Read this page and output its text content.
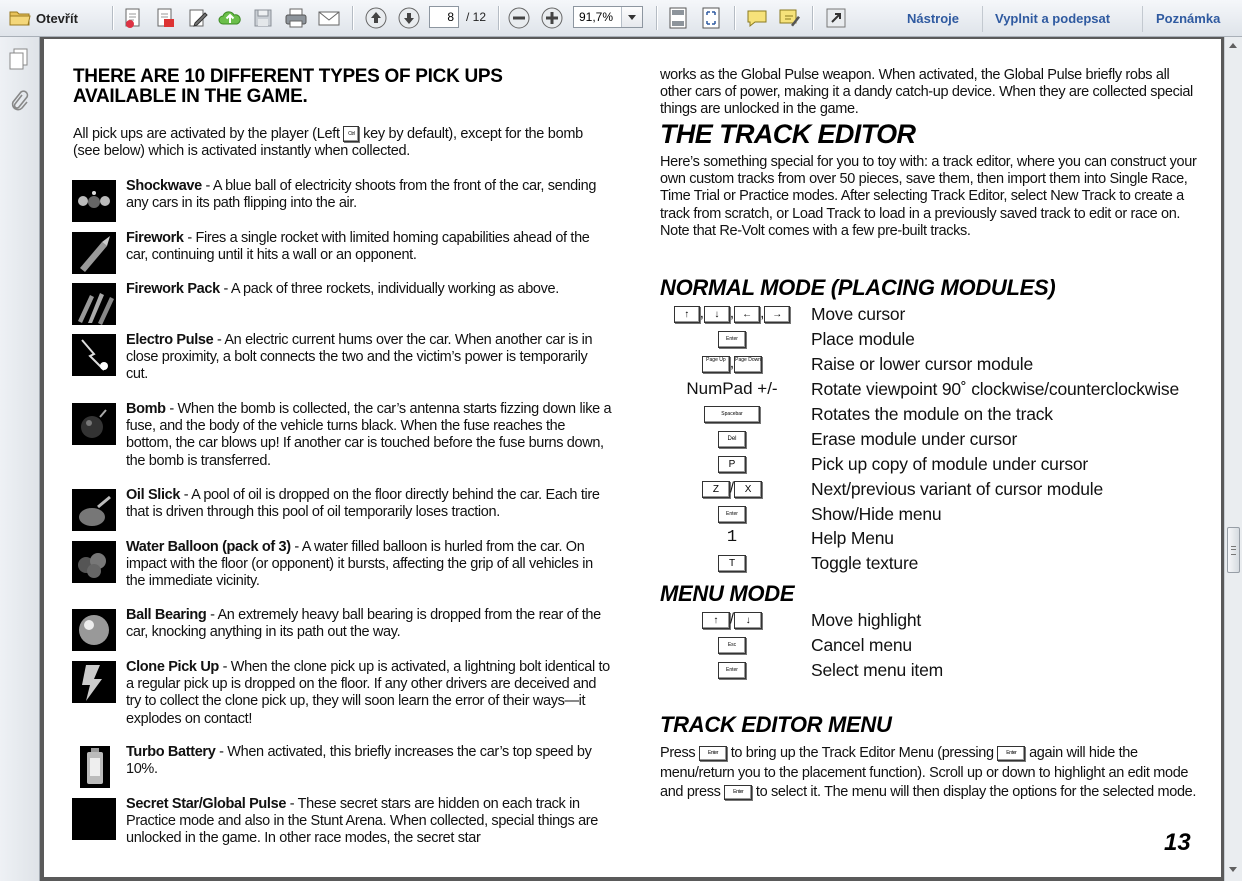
Otevřít	8	/ 12	91,7%	Nástroje	Vyplnit a podepsat	Poznámka
THERE ARE 10 DIFFERENT TYPES OF PICK UPS AVAILABLE IN THE GAME.
All pick ups are activated by the player (Left Ctrl key by default), except for the bomb (see below) which is activated instantly when collected.
Shockwave - A blue ball of electricity shoots from the front of the car, sending any cars in its path flipping into the air.
Firework - Fires a single rocket with limited homing capabilities ahead of the car, continuing until it hits a wall or an opponent.
Firework Pack - A pack of three rockets, individually working as above.
Electro Pulse - An electric current hums over the car. When another car is in close proximity, a bolt connects the two and the victim’s power is temporarily cut.
Bomb - When the bomb is collected, the car’s antenna starts fizzing down like a fuse, and the body of the vehicle turns black. When the fuse reaches the bottom, the car blows up! If another car is touched before the fuse burns down, the bomb is transferred.
Oil Slick - A pool of oil is dropped on the floor directly behind the car. Each tire that is driven through this pool of oil temporarily loses traction.
Water Balloon (pack of 3) - A water filled balloon is hurled from the car. On impact with the floor (or opponent) it bursts, affecting the grip of all vehicles in the immediate vicinity.
Ball Bearing - An extremely heavy ball bearing is dropped from the rear of the car, knocking anything in its path out the way.
Clone Pick Up - When the clone pick up is activated, a lightning bolt identical to a regular pick up is dropped on the floor. If any other drivers are deceived and try to collect the clone pick up, they will soon learn the error of their ways—it explodes on contact!
Turbo Battery - When activated, this briefly increases the car’s top speed by 10%.
Secret Star/Global Pulse - These secret stars are hidden on each track in Practice mode and also in the Stunt Arena. When collected, special things are unlocked in the game. In other race modes, the secret star
works as the Global Pulse weapon. When activated, the Global Pulse briefly robs all other cars of power, making it a dandy catch-up device. When they are collected special things are unlocked in the game.
THE TRACK EDITOR
Here’s something special for you to toy with: a track editor, where you can construct your own custom tracks from over 50 pieces, save them, then import them into Single Race, Time Trial or Practice modes. After selecting Track Editor, select New Track to create a track from scratch, or Load Track to load in a previously saved track to edit or race on. Note that Re-Volt comes with a few pre-built tracks.
NORMAL MODE (PLACING MODULES)
↑ , ↓ , ← , →	Move cursor
Enter	Place module
Page Up ,Page Down	Raise or lower cursor module
NumPad +/-	Rotate viewpoint 90˚ clockwise/counterclockwise
Spacebar	Rotates the module on the track
Del	Erase module under cursor
P	Pick up copy of module under cursor
Z / X	Next/previous variant of cursor module
Enter	Show/Hide menu
1	Help Menu
T	Toggle texture
MENU MODE
↑ / ↓	Move highlight
Esc	Cancel menu
Enter	Select menu item
TRACK EDITOR MENU
Press	Enter to bring up the Track Editor Menu (pressing	Enter again will hide the menu/return you to the placement function). Scroll up or down to highlight an edit mode and press	Enter to select it. The menu will then display the options for the selected mode.
13
